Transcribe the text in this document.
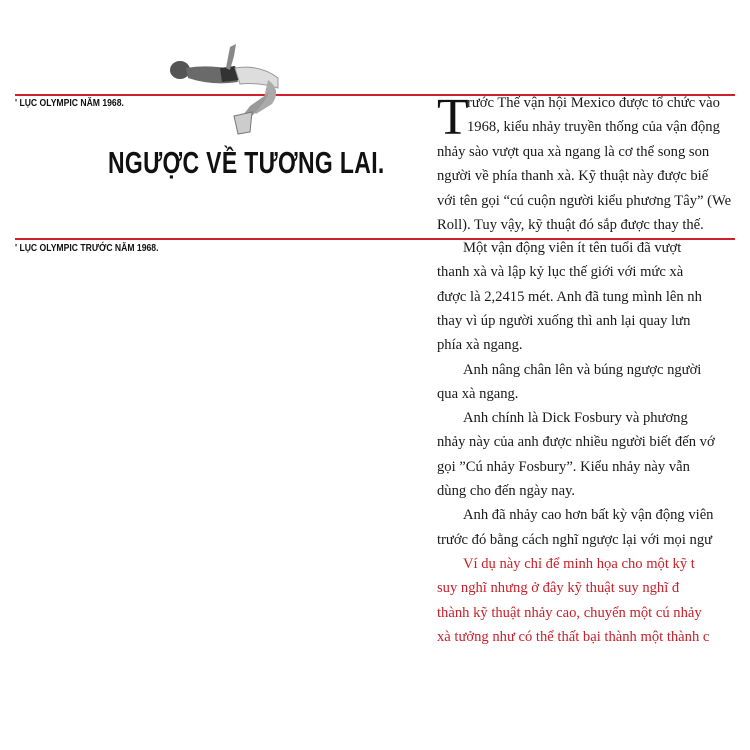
' LỤC OLYMPIC NĂM 1968.
' LỤC OLYMPIC TRƯỚC NĂM 1968.
NGƯỢC VỀ TƯƠNG LAI.
T
rước Thế vận hội Mexico được tổ chức vào
1968, kiểu nhảy truyền thống của vận động
nhảy sào vượt qua xà ngang là cơ thể song son
người về phía thanh xà. Kỹ thuật này được biế
với tên gọi “cú cuộn người kiểu phương Tây” (We
Roll). Tuy vậy, kỹ thuật đó sắp được thay thế.
Một vận động viên ít tên tuổi đã vượt
thanh xà và lập kỷ lục thế giới với mức xà
được là 2,2415 mét. Anh đã tung mình lên nh
thay vì úp người xuống thì anh lại quay lưn
phía xà ngang.
Anh nâng chân lên và búng ngược người
qua xà ngang.
Anh chính là Dick Fosbury và phương
nhảy này của anh được nhiều người biết đến vớ
gọi ”Cú nhảy Fosbury”. Kiểu nhảy này vẫn
dùng cho đến ngày nay.
Anh đã nhảy cao hơn bất kỳ vận động viên
trước đó bằng cách nghĩ ngược lại với mọi ngư
Ví dụ này chỉ để minh họa cho một kỹ t
suy nghĩ nhưng ở đây kỹ thuật suy nghĩ đ
thành kỹ thuật nhảy cao, chuyển một cú nhảy
xà tưởng như có thể thất bại thành một thành c
